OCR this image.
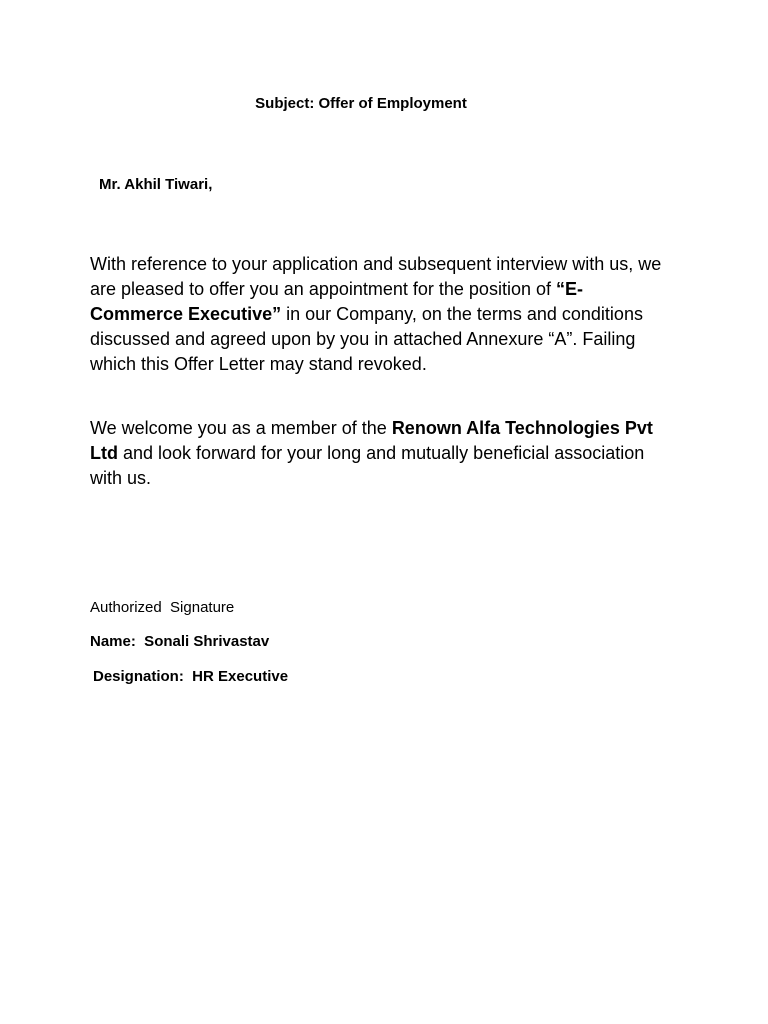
Subject: Offer of Employment
Mr. Akhil Tiwari,
With reference to your application and subsequent interview with us, we are pleased to offer you an appointment for the position of “E-Commerce Executive” in our Company, on the terms and conditions discussed and agreed upon by you in attached Annexure “A”. Failing which this Offer Letter may stand revoked.
We welcome you as a member of the Renown Alfa Technologies Pvt Ltd and look forward for your long and mutually beneficial association with us.
Authorized  Signature
Name:  Sonali Shrivastav
Designation:  HR Executive
